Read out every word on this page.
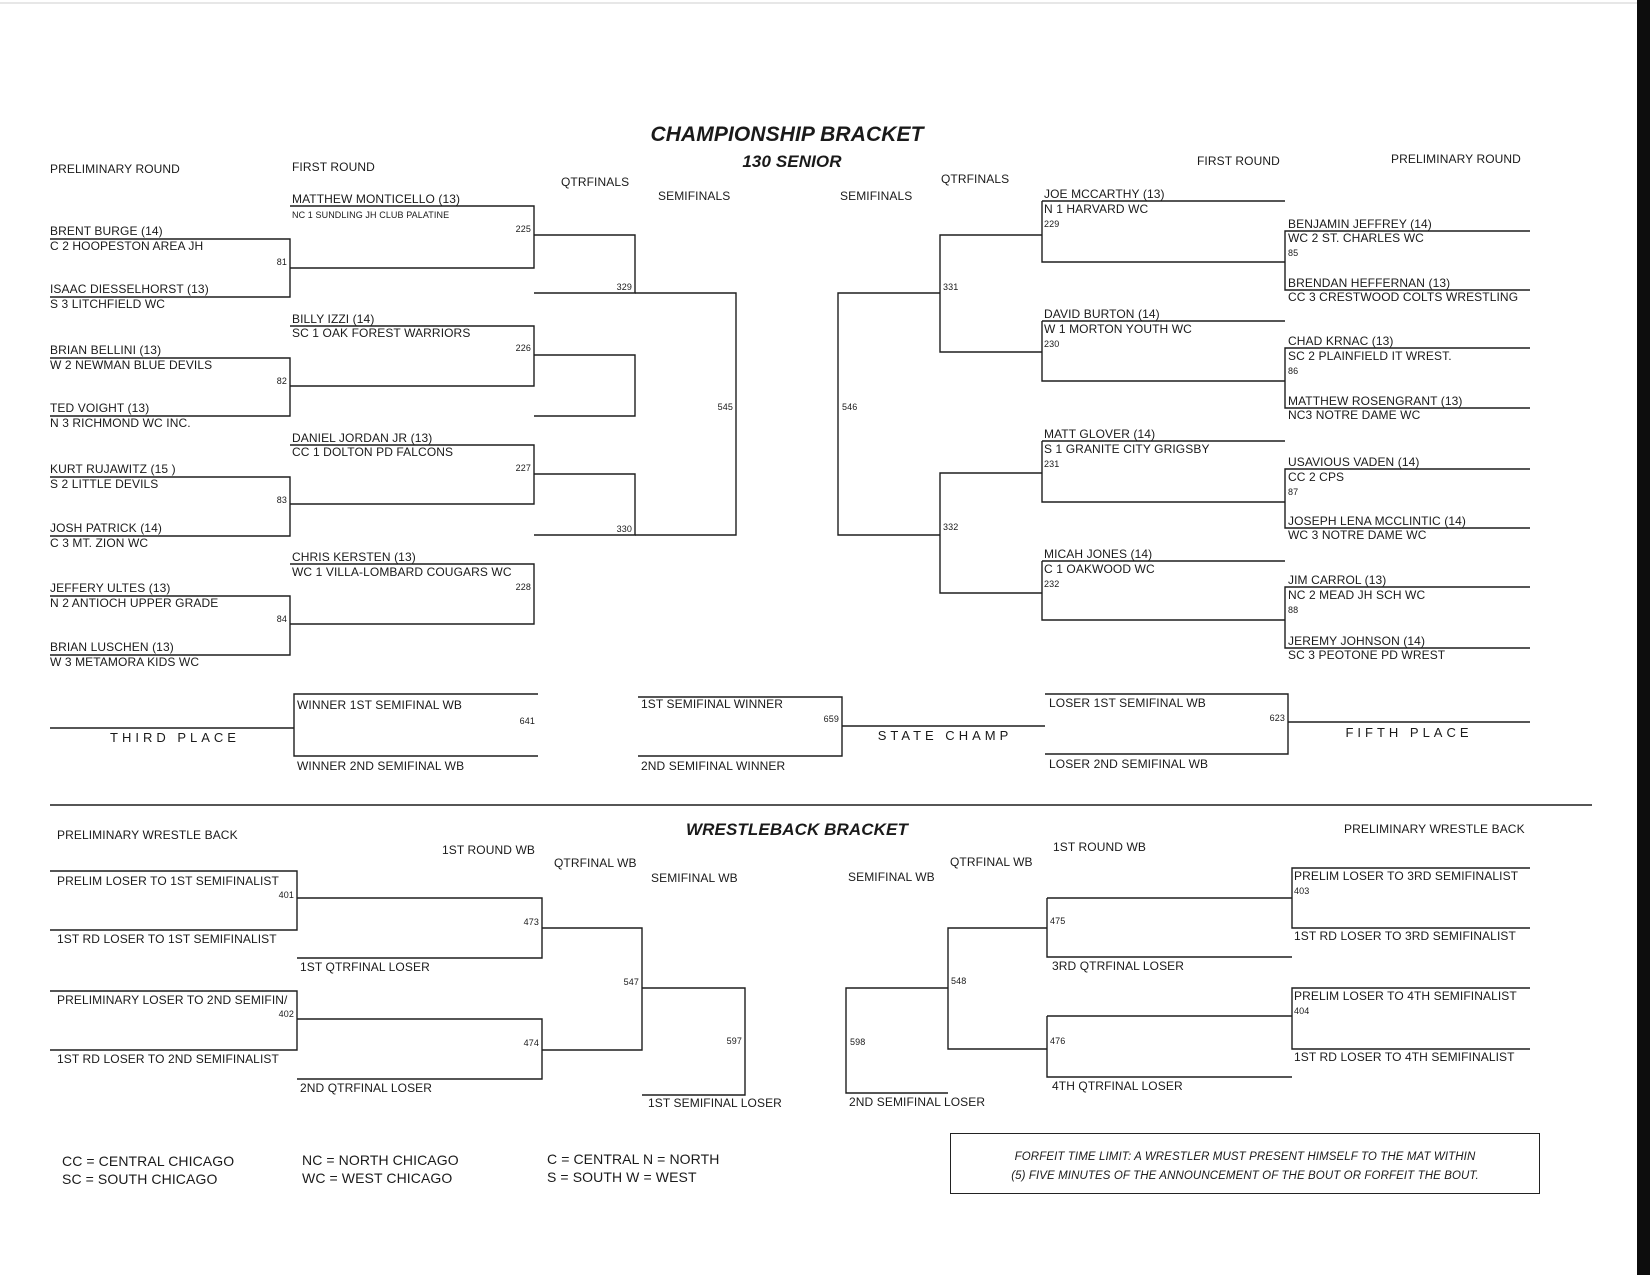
CHAMPIONSHIP BRACKET
130 SENIOR
PRELIMINARY ROUND	FIRST ROUND
QTRFINALS
SEMIFINALS	SEMIFINALS
QTRFINALS
FIRST ROUND	PRELIMINARY ROUND
BRENT BURGE (14)
C 2 HOOPESTON AREA JH
ISAAC DIESSELHORST (13)
S 3 LITCHFIELD WC
BRIAN BELLINI (13)
W 2 NEWMAN BLUE DEVILS
TED VOIGHT (13)
N 3 RICHMOND WC INC.
KURT RUJAWITZ (15 )
S 2 LITTLE DEVILS
JOSH PATRICK (14)
C 3 MT. ZION WC
JEFFERY ULTES (13)
N 2 ANTIOCH UPPER GRADE
BRIAN LUSCHEN (13)
W 3 METAMORA KIDS WC
81
82
83
84
MATTHEW MONTICELLO (13)
NC 1 SUNDLING JH CLUB PALATINE
BILLY IZZI (14)
SC 1 OAK FOREST WARRIORS
DANIEL JORDAN JR (13)
CC 1 DOLTON PD FALCONS
CHRIS KERSTEN (13)
WC 1 VILLA-LOMBARD COUGARS WC
225
226
227
228
329
330
545	546
331
332
JOE MCCARTHY (13)
N 1 HARVARD WC
229
DAVID BURTON (14)
W 1 MORTON YOUTH WC
230
MATT GLOVER (14)
S 1 GRANITE CITY GRIGSBY
231
MICAH JONES (14)
C 1 OAKWOOD WC
232
BENJAMIN JEFFREY (14)
WC 2 ST. CHARLES WC
85
BRENDAN HEFFERNAN (13)
CC 3 CRESTWOOD COLTS WRESTLING
CHAD KRNAC (13)
SC 2 PLAINFIELD IT WREST.
86
MATTHEW ROSENGRANT (13)
NC3 NOTRE DAME WC
USAVIOUS VADEN (14)
CC 2 CPS
87
JOSEPH LENA MCCLINTIC (14)
WC 3 NOTRE DAME WC
JIM CARROL (13)
NC 2 MEAD JH SCH WC
88
JEREMY JOHNSON (14)
SC 3 PEOTONE PD WREST
WINNER 1ST SEMIFINAL WB
641
WINNER 2ND SEMIFINAL WB
THIRD PLACE
1ST SEMIFINAL WINNER
659
2ND SEMIFINAL WINNER
STATE CHAMP
LOSER 1ST SEMIFINAL WB
623
LOSER 2ND SEMIFINAL WB
FIFTH PLACE
WRESTLEBACK BRACKET
PRELIMINARY WRESTLE BACK
1ST ROUND WB
QTRFINAL WB
SEMIFINAL WB	SEMIFINAL WB
QTRFINAL WB
1ST ROUND WB
PRELIMINARY WRESTLE BACK
PRELIM LOSER TO 1ST SEMIFINALIST
401
1ST RD LOSER TO 1ST SEMIFINALIST
PRELIMINARY LOSER TO 2ND SEMIFIN/
402
1ST RD LOSER TO 2ND SEMIFINALIST
473
1ST QTRFINAL LOSER
474
2ND QTRFINAL LOSER
547
597
1ST SEMIFINAL LOSER
PRELIM LOSER TO 3RD SEMIFINALIST
403
1ST RD LOSER TO 3RD SEMIFINALIST
PRELIM LOSER TO 4TH SEMIFINALIST
404
1ST RD LOSER TO 4TH SEMIFINALIST
475
3RD QTRFINAL LOSER
476
4TH QTRFINAL LOSER
548
598
2ND SEMIFINAL LOSER
CC = CENTRAL CHICAGO
SC = SOUTH CHICAGO
NC = NORTH CHICAGO
WC = WEST CHICAGO
C = CENTRAL N = NORTH
S = SOUTH W = WEST
FORFEIT TIME LIMIT: A WRESTLER MUST PRESENT HIMSELF TO THE MAT WITHIN
(5) FIVE MINUTES OF THE ANNOUNCEMENT OF THE BOUT OR FORFEIT THE BOUT.
